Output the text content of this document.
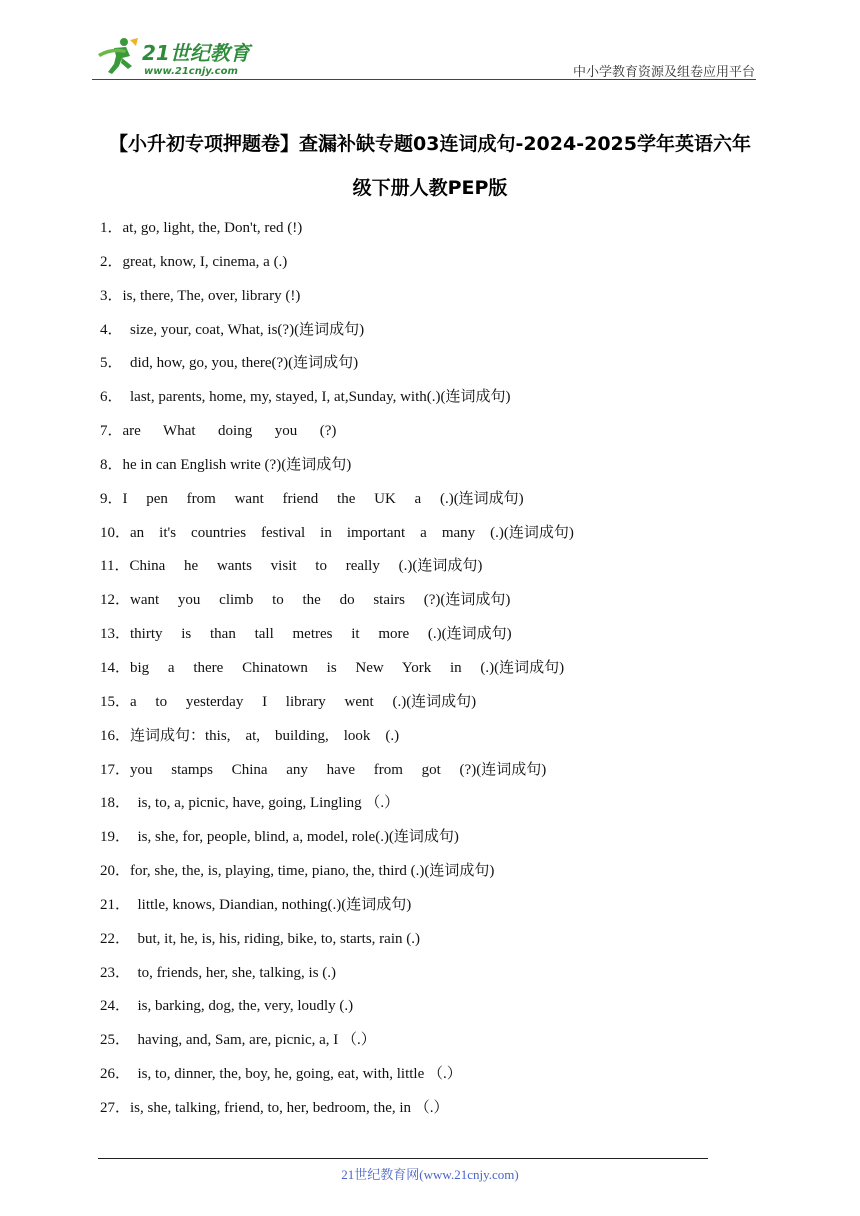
21世纪教育
www.21cnjy.com	中小学教育资源及组卷应用平台
【小升初专项押题卷】查漏补缺专题03连词成句-2024-2025学年英语六年
级下册人教PEP版
1．at, go, light, the, Don't, red (!)
2．great, know, I, cinema, a (.)
3．is, there, The, over, library (!)
4．  size, your, coat, What, is(?)(连词成句)
5．  did, how, go, you, there(?)(连词成句)
6．  last, parents, home, my, stayed, I, at,Sunday, with(.)(连词成句)
7．are      What      doing      you      (?)
8．he in can English write (?)(连词成句)
9．I     pen     from     want     friend     the     UK     a     (.)(连词成句)
10．an    it's    countries    festival    in    important    a    many    (.)(连词成句)
11．China     he     wants     visit     to     really     (.)(连词成句)
12．want     you     climb     to     the     do     stairs     (?)(连词成句)
13．thirty     is     than     tall     metres     it     more     (.)(连词成句)
14．big     a     there     Chinatown     is     New     York     in     (.)(连词成句)
15．a     to     yesterday     I     library     went     (.)(连词成句)
16．连词成句：this,    at,    building,    look    (.)
17．you     stamps     China     any     have     from     got     (?)(连词成句)
18．  is, to, a, picnic, have, going, Lingling （.）
19．  is, she, for, people, blind, a, model, role(.)(连词成句)
20．for, she, the, is, playing, time, piano, the, third (.)(连词成句)
21．  little, knows, Diandian, nothing(.)(连词成句)
22．  but, it, he, is, his, riding, bike, to, starts, rain (.)
23．  to, friends, her, she, talking, is (.)
24．  is, barking, dog, the, very, loudly (.)
25．  having, and, Sam, are, picnic, a, I （.）
26．  is, to, dinner, the, boy, he, going, eat, with, little （.）
27．is, she, talking, friend, to, her, bedroom, the, in （.）
21世纪教育网(www.21cnjy.com)
